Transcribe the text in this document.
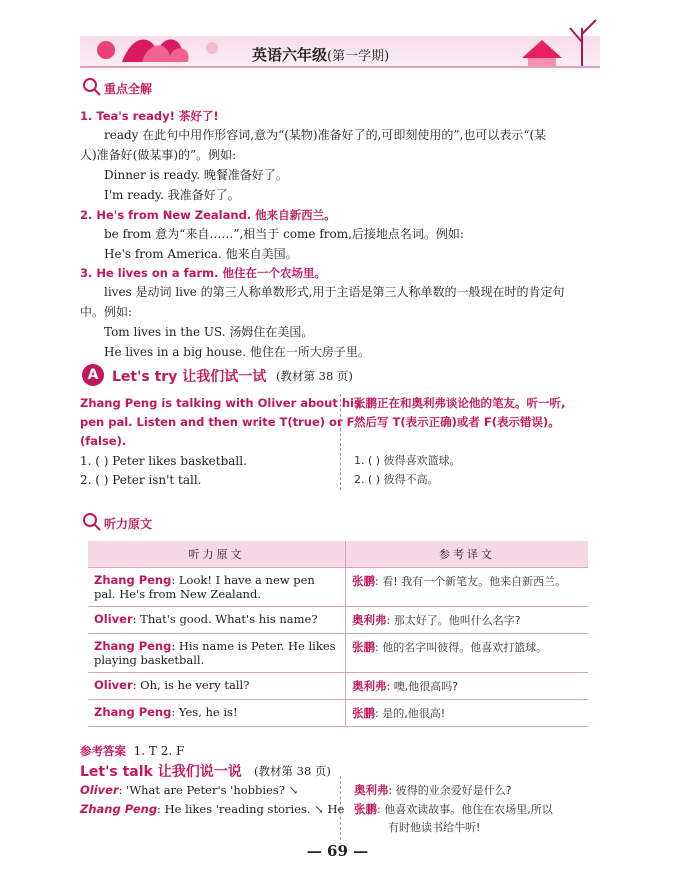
英语六年级(第一学期)
重点全解
1. Tea's ready! 茶好了!
ready 在此句中用作形容词,意为“(某物)准备好了的,可即刻使用的”,也可以表示“(某
人)准备好(做某事)的”。例如:
Dinner is ready. 晚餐准备好了。
I'm ready. 我准备好了。
2. He's from New Zealand. 他来自新西兰。
be from 意为“来自……”,相当于 come from,后接地点名词。例如:
He's from America. 他来自美国。
3. He lives on a farm. 他住在一个农场里。
lives 是动词 live 的第三人称单数形式,用于主语是第三人称单数的一般现在时的肯定句
中。例如:
Tom lives in the US. 汤姆住在美国。
He lives in a big house. 他住在一所大房子里。
A Let's try 让我们试一试 (教材第 38 页)
Zhang Peng is talking with Oliver about his
pen pal. Listen and then write T(true) or F
(false).
张鹏正在和奥利弗谈论他的笔友。听一听,
然后写 T(表示正确)或者 F(表示错误)。
1. ( ) Peter likes basketball.
2. ( ) Peter isn't tall.
1. ( ) 彼得喜欢篮球。
2. ( ) 彼得不高。
听力原文
听力原文	参考译文
Zhang Peng: Look! I have a new pen pal. He's from New Zealand.	张鹏: 看! 我有一个新笔友。他来自新西兰。
Oliver: That's good. What's his name?	奥利弗: 那太好了。他叫什么名字?
Zhang Peng: His name is Peter. He likes playing basketball.	张鹏: 他的名字叫彼得。他喜欢打篮球。
Oliver: Oh, is he very tall?	奥利弗: 噢,他很高吗?
Zhang Peng: Yes, he is!	张鹏: 是的,他很高!
参考答案 1. T 2. F
Let's talk 让我们说一说 (教材第 38 页)
Oliver: 'What are Peter's 'hobbies? ↘
Zhang Peng: He likes 'reading stories. ↘ He
奥利弗: 彼得的业余爱好是什么?
张鹏: 他喜欢读故事。他住在农场里,所以
有时他读书给牛听!
— 69 —
